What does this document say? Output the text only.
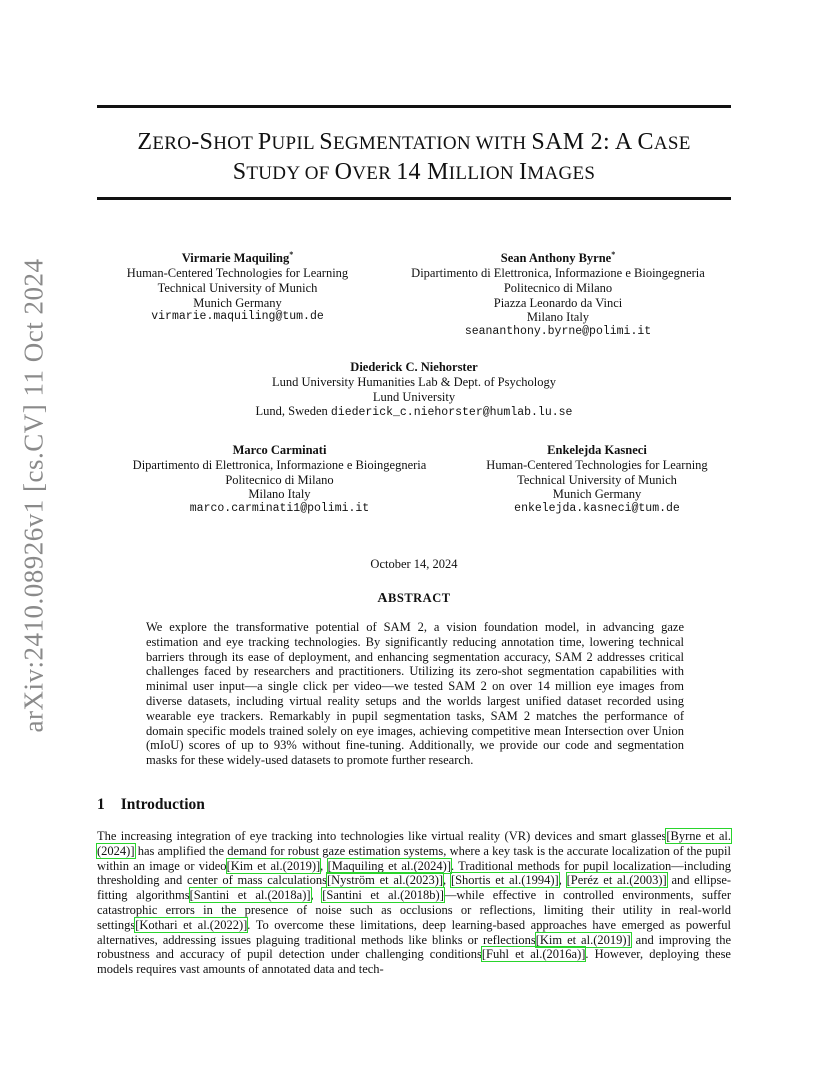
arXiv:2410.08926v1 [cs.CV] 11 Oct 2024
ZERO-SHOT PUPIL SEGMENTATION WITH SAM 2: A CASE
STUDY OF OVER 14 MILLION IMAGES
Virmarie Maquiling*
Human-Centered Technologies for Learning
Technical University of Munich
Munich Germany
virmarie.maquiling@tum.de
Sean Anthony Byrne*
Dipartimento di Elettronica, Informazione e Bioingegneria
Politecnico di Milano
Piazza Leonardo da Vinci
Milano Italy
seananthony.byrne@polimi.it
Diederick C. Niehorster
Lund University Humanities Lab & Dept. of Psychology
Lund University
Lund, Sweden diederick_c.niehorster@humlab.lu.se
Marco Carminati
Dipartimento di Elettronica, Informazione e Bioingegneria
Politecnico di Milano
Milano Italy
marco.carminati1@polimi.it
Enkelejda Kasneci
Human-Centered Technologies for Learning
Technical University of Munich
Munich Germany
enkelejda.kasneci@tum.de
October 14, 2024
ABSTRACT
We explore the transformative potential of SAM 2, a vision foundation model, in advancing gaze estimation and eye tracking technologies. By significantly reducing annotation time, lowering technical barriers through its ease of deployment, and enhancing segmentation accuracy, SAM 2 addresses critical challenges faced by researchers and practitioners. Utilizing its zero-shot segmentation capabilities with minimal user input—a single click per video—we tested SAM 2 on over 14 million eye images from diverse datasets, including virtual reality setups and the worlds largest unified dataset recorded using wearable eye trackers. Remarkably in pupil segmentation tasks, SAM 2 matches the performance of domain specific models trained solely on eye images, achieving competitive mean Intersection over Union (mIoU) scores of up to 93% without fine-tuning. Additionally, we provide our code and segmentation masks for these widely-used datasets to promote further research.
1 Introduction
The increasing integration of eye tracking into technologies like virtual reality (VR) devices and smart glasses[Byrne et al.(2024)] has amplified the demand for robust gaze estimation systems, where a key task is the accurate localization of the pupil within an image or video[Kim et al.(2019)], [Maquiling et al.(2024)]. Traditional methods for pupil localization—including thresholding and center of mass calculations[Nyström et al.(2023)], [Shortis et al.(1994)], [Peréz et al.(2003)] and ellipse-fitting algorithms[Santini et al.(2018a)], [Santini et al.(2018b)]—while effective in controlled environments, suffer catastrophic errors in the presence of noise such as occlusions or reflections, limiting their utility in real-world settings[Kothari et al.(2022)]. To overcome these limitations, deep learning-based approaches have emerged as powerful alternatives, addressing issues plaguing traditional methods like blinks or reflections[Kim et al.(2019)] and improving the robustness and accuracy of pupil detection under challenging conditions[Fuhl et al.(2016a)]. However, deploying these models requires vast amounts of annotated data and tech-
